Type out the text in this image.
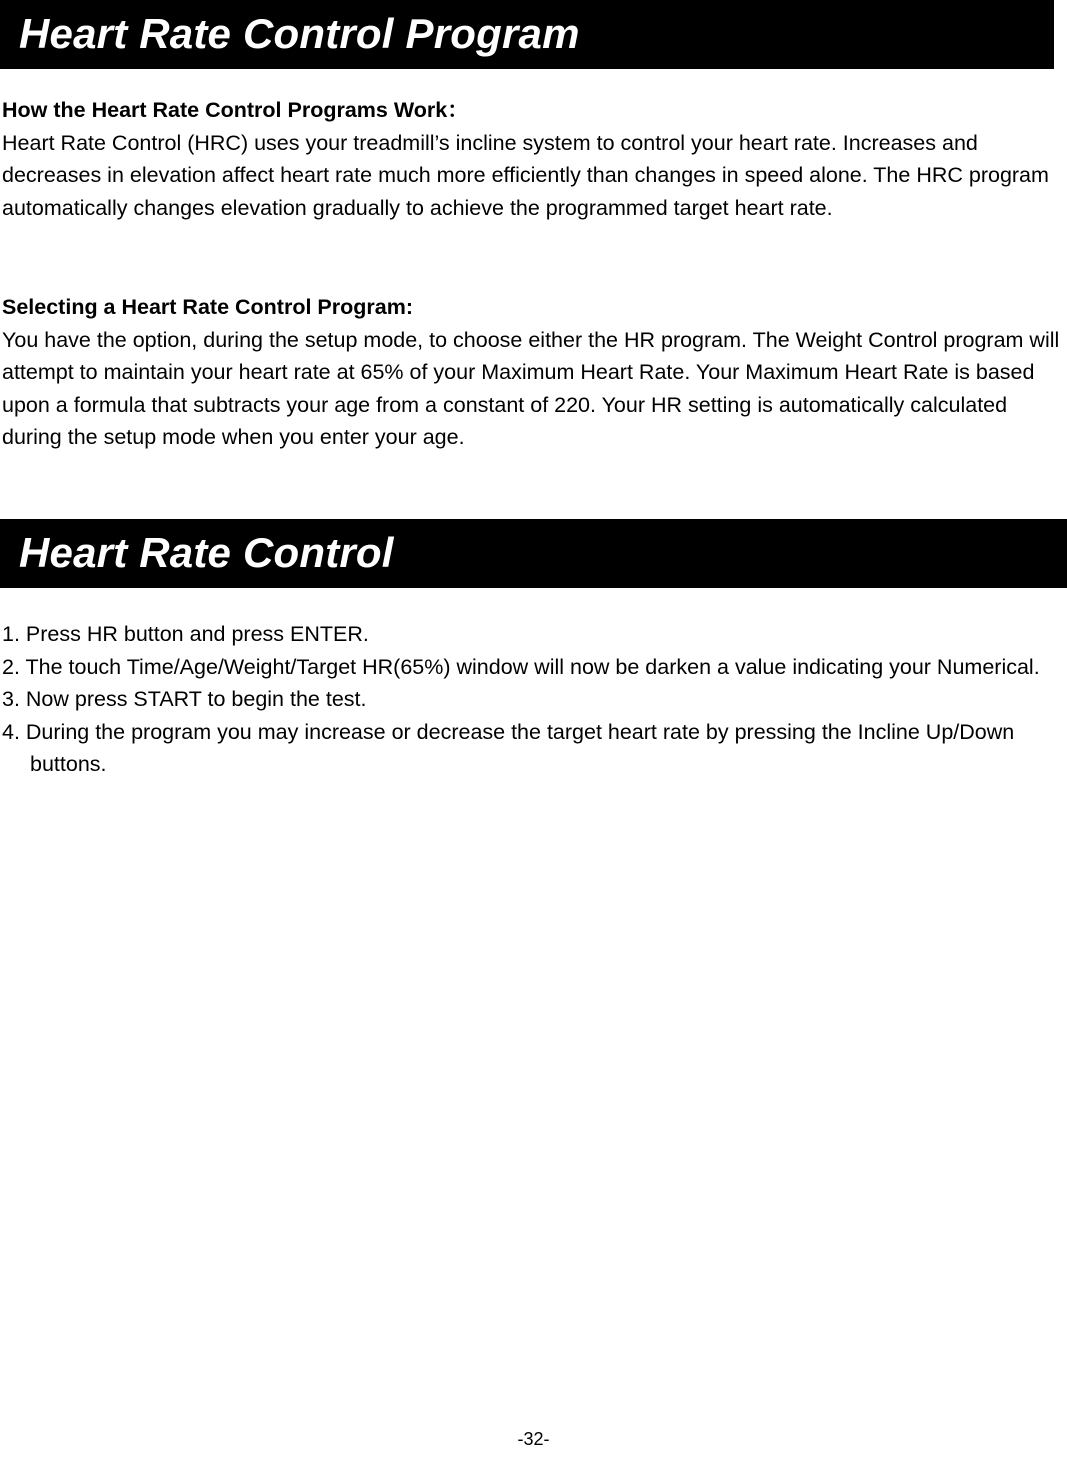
Heart Rate Control Program

How the Heart Rate Control Programs Work：

Heart Rate Control (HRC) uses your treadmill’s incline system to control your heart rate. Increases and decreases in elevation affect heart rate much more efficiently than changes in speed alone. The HRC program automatically changes elevation gradually to achieve the programmed target heart rate.

Selecting a Heart Rate Control Program:

You have the option, during the setup mode, to choose either the HR program. The Weight Control program will attempt to maintain your heart rate at 65% of your Maximum Heart Rate. Your Maximum Heart Rate is based upon a formula that subtracts your age from a constant of 220. Your HR setting is automatically calculated during the setup mode when you enter your age.

Heart Rate Control
1. Press HR button and press ENTER.
2. The touch Time/Age/Weight/Target HR(65%) window will now be darken a value indicating your Numerical.
3. Now press START to begin the test.
4. During the program you may increase or decrease the target heart rate by pressing the Incline Up/Down buttons.
-32-
